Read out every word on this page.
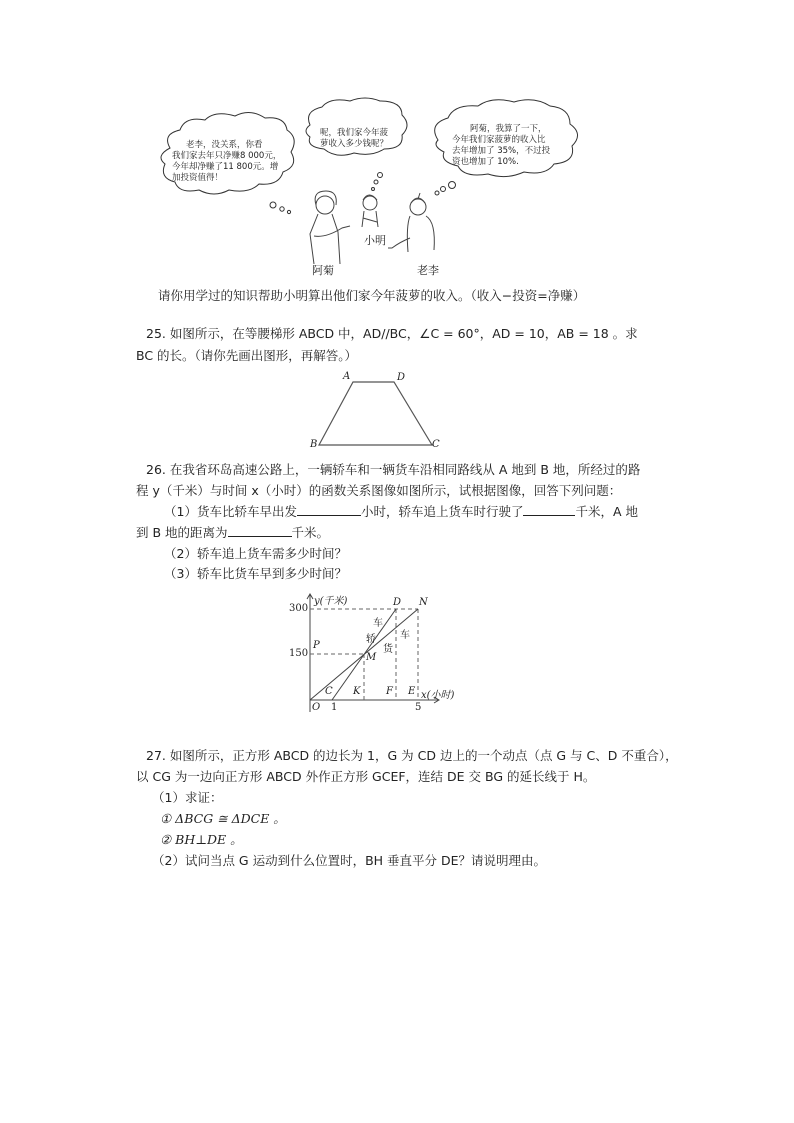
老李，没关系，你看
我们家去年只净赚8 000元，
今年却净赚了11 800元。增
加投资值得！
呢，我们家今年菠
萝收入多少钱呢？
阿菊，我算了一下，
今年我们家菠萝的收入比
去年增加了 35%，不过投
资也增加了 10%.
阿菊
小明
老李
请你用学过的知识帮助小明算出他们家今年菠萝的收入。（收入−投资=净赚）
25. 如图所示，在等腰梯形 ABCD 中，AD//BC，∠C = 60°，AD = 10，AB = 18 。求
BC 的长。（请你先画出图形，再解答。）
A	D
B	C
26. 在我省环岛高速公路上，一辆轿车和一辆货车沿相同路线从 A 地到 B 地，所经过的路
程 y（千米）与时间 x（小时）的函数关系图像如图所示，试根据图像，回答下列问题：
（1）货车比轿车早出发	小时，轿车追上货车时行驶了	千米，A 地
到 B 地的距离为	千米。
（2）轿车追上货车需多少时间？
（3）轿车比货车早到多少时间？
300
150
1	5
y(千米)
x(小时)
O
C K	F E
P
M
D N
轿
车
货
车
27. 如图所示，正方形 ABCD 的边长为 1，G 为 CD 边上的一个动点（点 G 与 C、D 不重合），
以 CG 为一边向正方形 ABCD 外作正方形 GCEF，连结 DE 交 BG 的延长线于 H。
（1）求证：
① ΔBCG ≅ ΔDCE 。
② BH⊥DE 。
（2）试问当点 G 运动到什么位置时，BH 垂直平分 DE？请说明理由。
